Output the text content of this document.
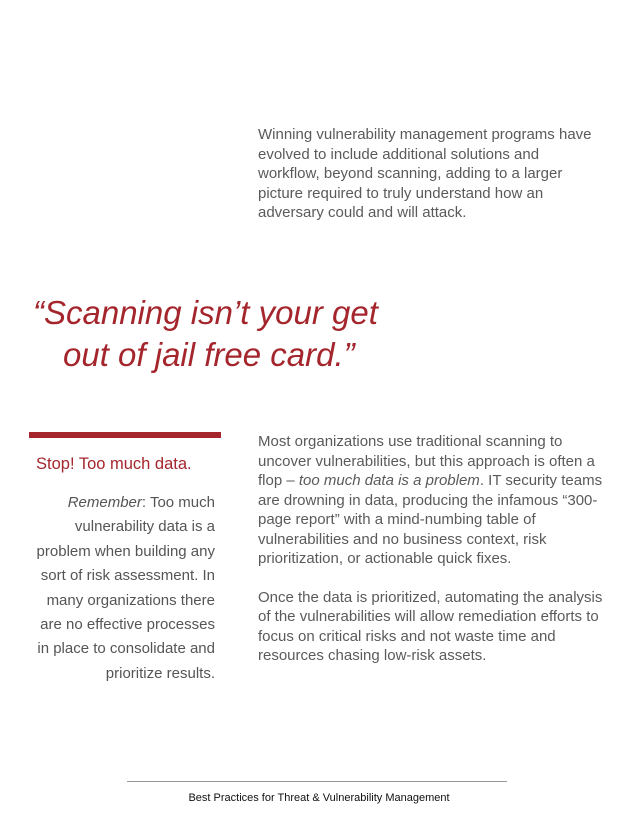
Winning vulnerability management programs have evolved to include additional solutions and workflow, beyond scanning, adding to a larger picture required to truly understand how an adversary could and will attack.
“Scanning isn’t your get
out of jail free card.”
Stop! Too much data.
Remember: Too much vulnerability data is a problem when building any sort of risk assessment. In many organizations there are no effective processes in place to consolidate and prioritize results.

Most organizations use traditional scanning to uncover vulnerabilities, but this approach is often a flop – too much data is a problem. IT security teams are drowning in data, producing the infamous “300-page report” with a mind-numbing table of vulnerabilities and no business context, risk prioritization, or actionable quick fixes.

Once the data is prioritized, automating the analysis of the vulnerabilities will allow remediation efforts to focus on critical risks and not waste time and resources chasing low-risk assets.

Best Practices for Threat & Vulnerability Management
